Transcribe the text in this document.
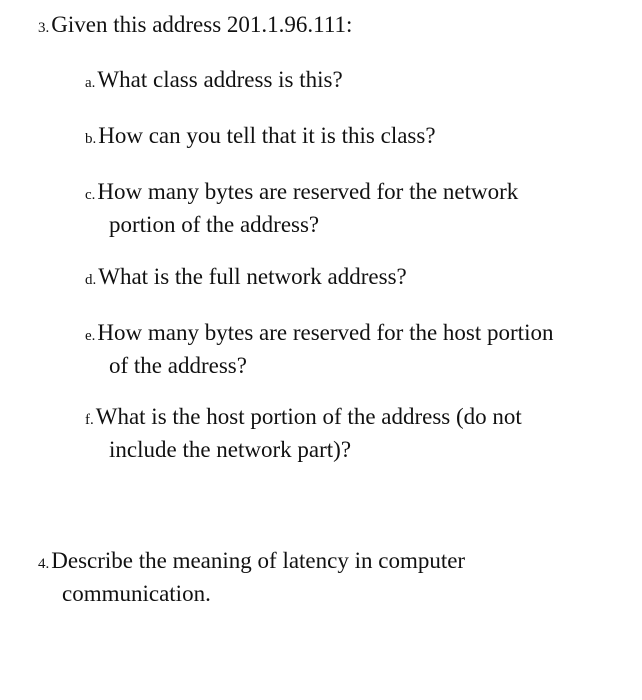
3.Given this address 201.1.96.111:
a.What class address is this?
b.How can you tell that it is this class?
c.How many bytes are reserved for the network
portion of the address?
d.What is the full network address?
e.How many bytes are reserved for the host portion
of the address?
f.What is the host portion of the address (do not
include the network part)?
4.Describe the meaning of latency in computer
communication.
